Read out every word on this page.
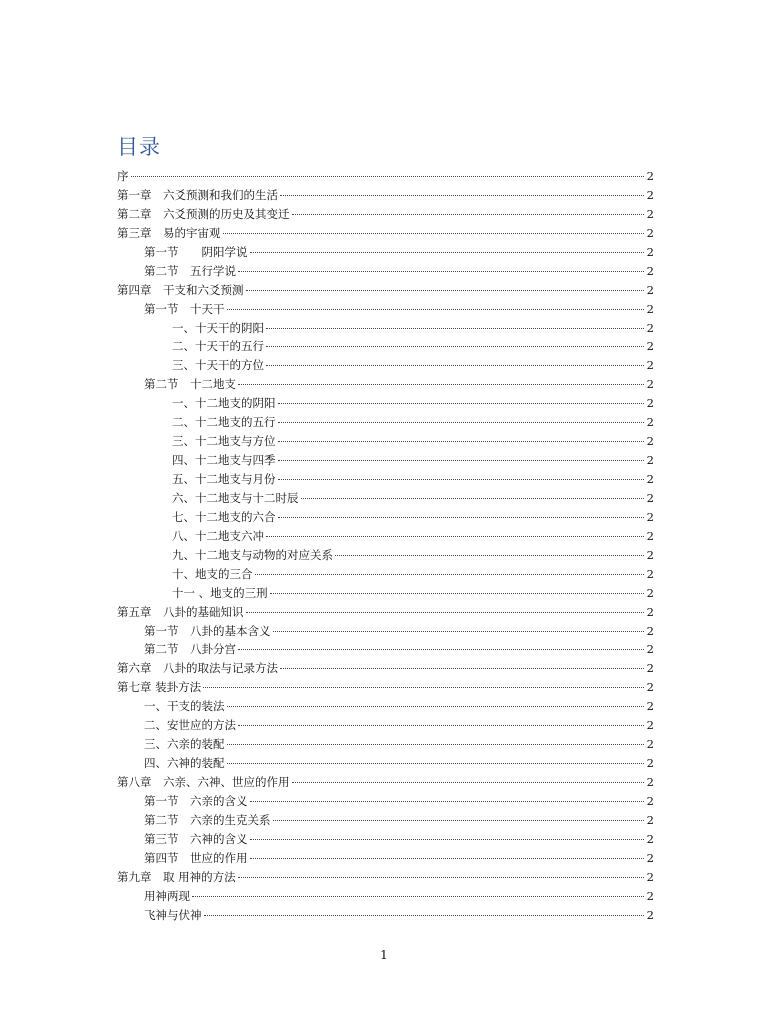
目录
序	2
第一章　六爻预测和我们的生活	2
第二章　六爻预测的历史及其变迁	2
第三章　易的宇宙观	2
第一节　　阴阳学说	2
第二节　五行学说	2
第四章　干支和六爻预测	2
第一节　十天干	2
一、十天干的阴阳	2
二、十天干的五行	2
三、十天干的方位	2
第二节　十二地支	2
一、十二地支的阴阳	2
二、十二地支的五行	2
三、十二地支与方位	2
四、十二地支与四季	2
五、十二地支与月份	2
六、十二地支与十二时辰	2
七、十二地支的六合	2
八、十二地支六冲	2
九、十二地支与动物的对应关系	2
十、地支的三合	2
十一 、地支的三刑	2
第五章　八卦的基础知识	2
第一节　八卦的基本含义	2
第二节　八卦分宫	2
第六章　八卦的取法与记录方法	2
第七章 装卦方法	2
一、干支的装法	2
二、安世应的方法	2
三、六亲的装配	2
四、六神的装配	2
第八章　六亲、六神、世应的作用	2
第一节　六亲的含义	2
第二节　六亲的生克关系	2
第三节　六神的含义	2
第四节　世应的作用	2
第九章　取 用神的方法	2
用神两现	2
飞神与伏神	2
1
